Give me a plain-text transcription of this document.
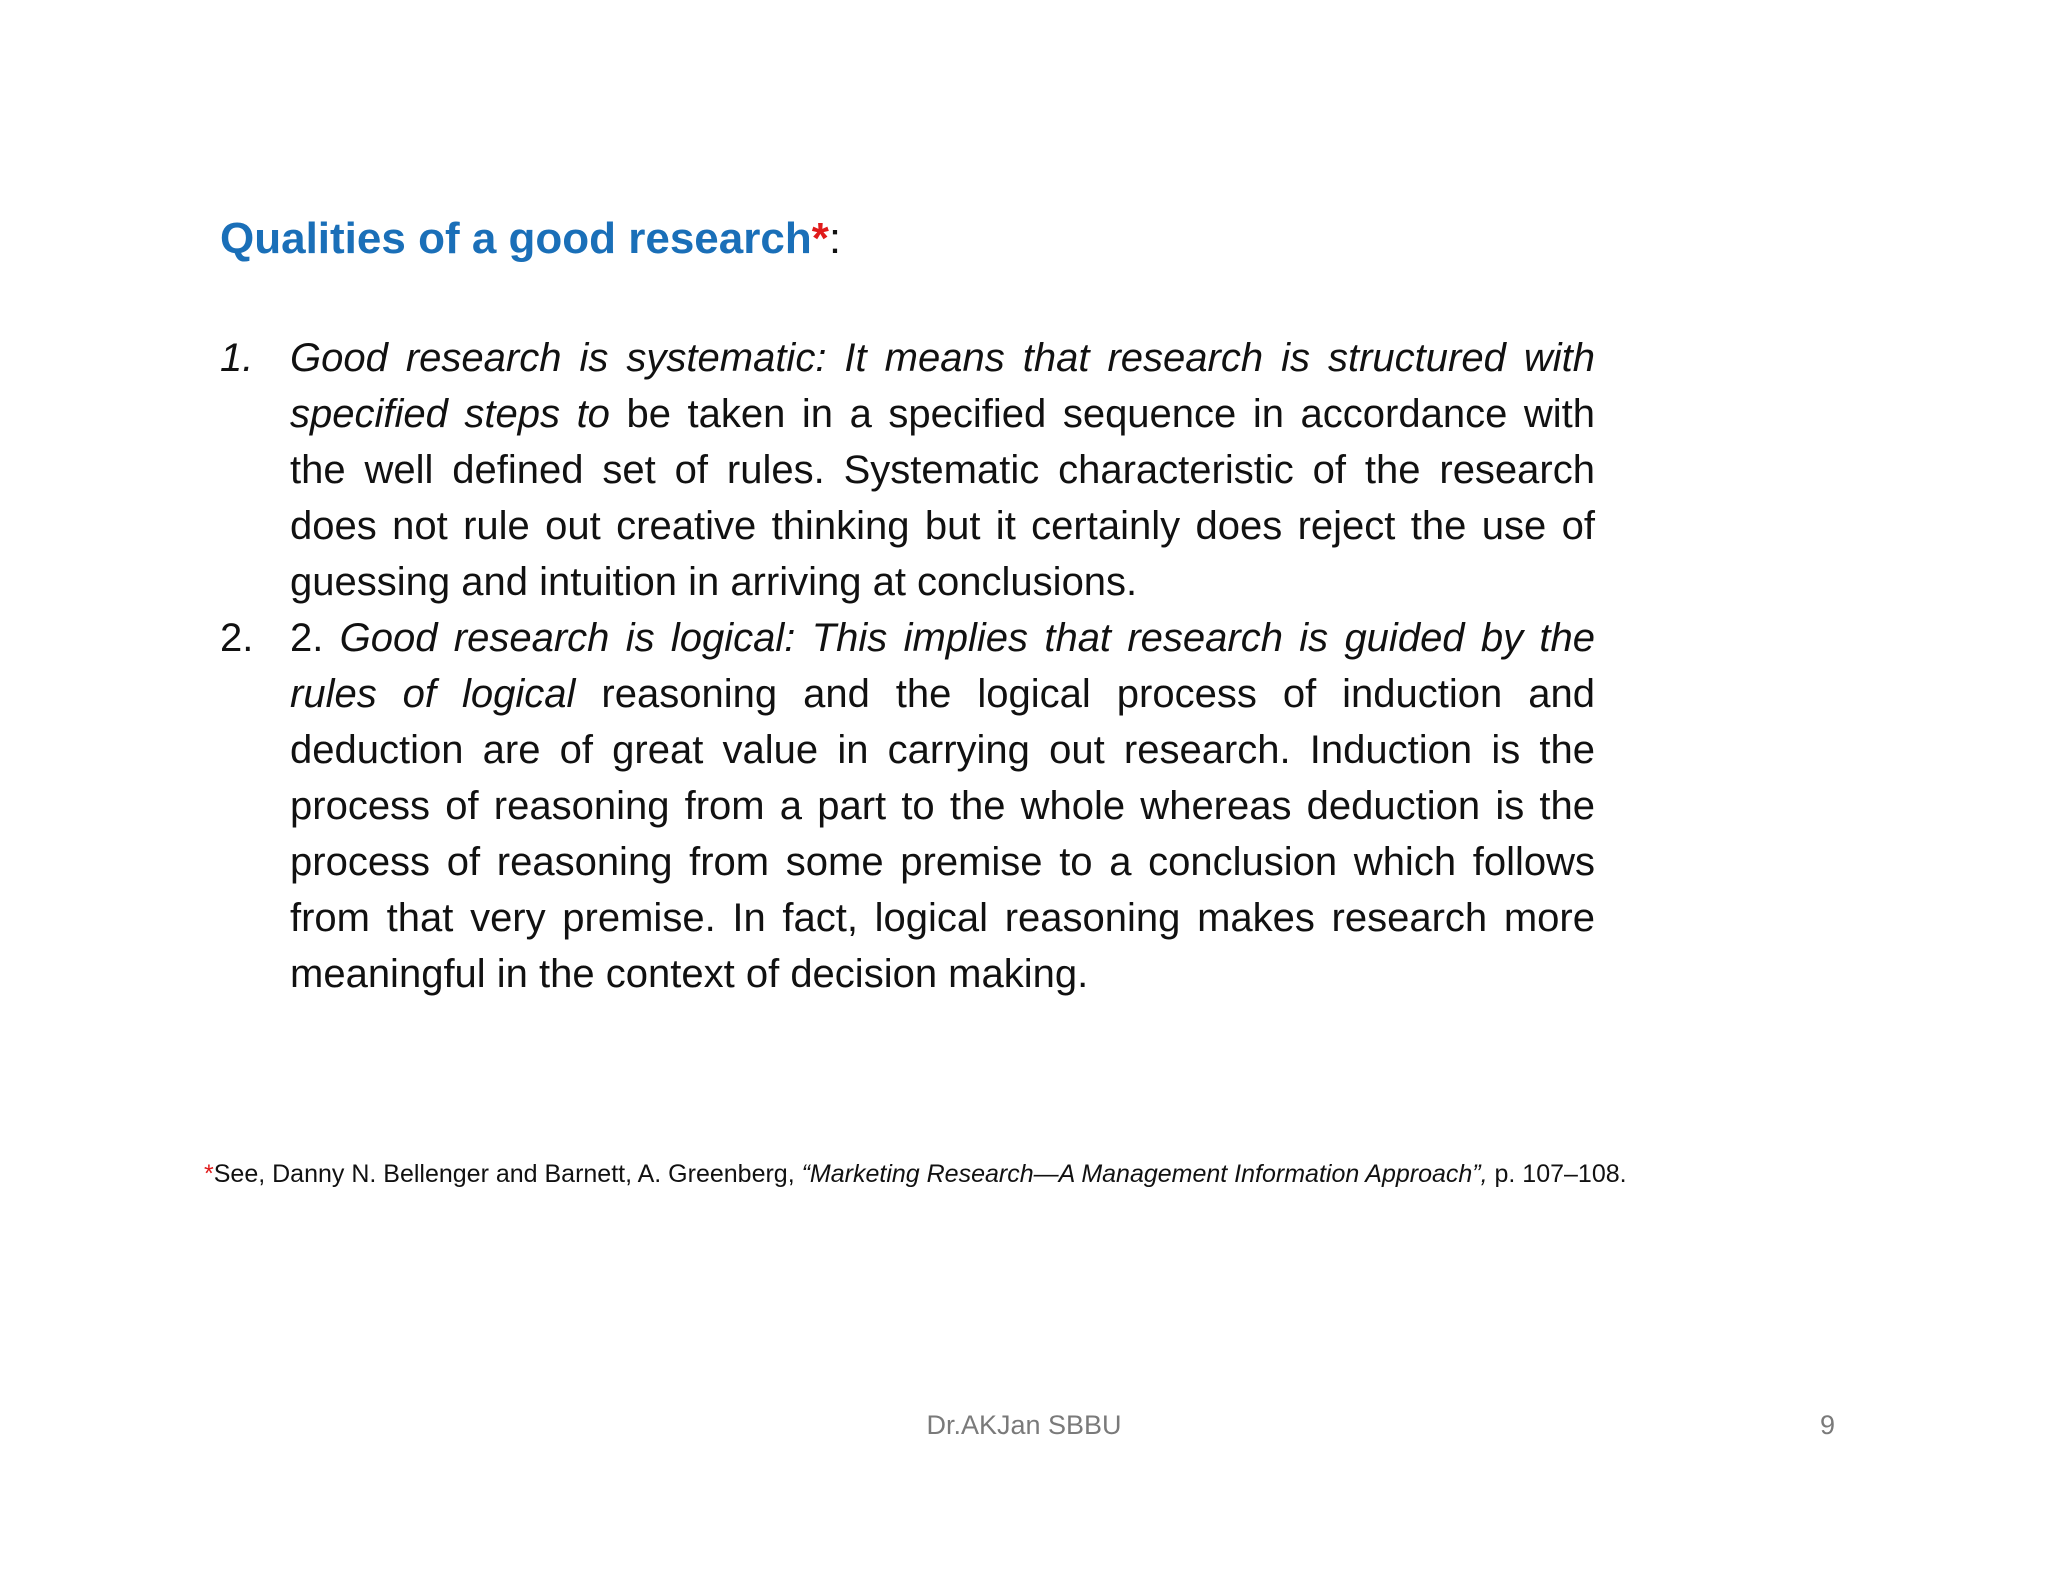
Qualities of a good research*:
1. Good research is systematic: It means that research is structured with specified steps to be taken in a specified sequence in accordance with the well defined set of rules. Systematic characteristic of the research does not rule out creative thinking but it certainly does reject the use of guessing and intuition in arriving at conclusions.
2. 2. Good research is logical: This implies that research is guided by the rules of logical reasoning and the logical process of induction and deduction are of great value in carrying out research. Induction is the process of reasoning from a part to the whole whereas deduction is the process of reasoning from some premise to a conclusion which follows from that very premise. In fact, logical reasoning makes research more meaningful in the context of decision making.
*See, Danny N. Bellenger and Barnett, A. Greenberg, “Marketing Research—A Management Information Approach”, p. 107–108.
Dr.AKJan SBBU	9
